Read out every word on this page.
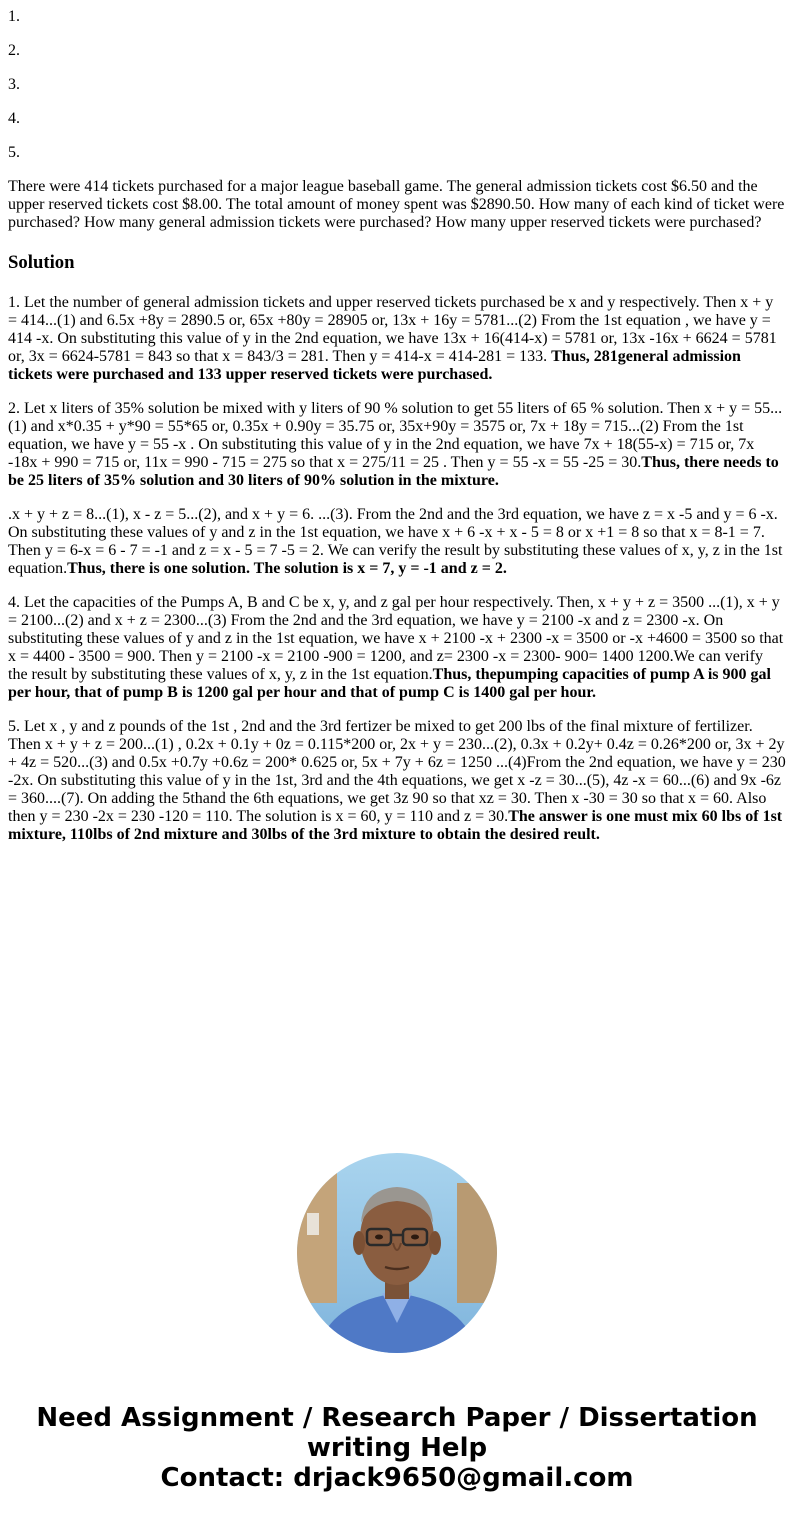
1.
2.
3.
4.
5.

There were 414 tickets purchased for a major league baseball game. The general admission tickets cost $6.50 and the upper reserved tickets cost $8.00. The total amount of money spent was $2890.50. How many of each kind of ticket were purchased? How many general admission tickets were purchased? How many upper reserved tickets were purchased?

Solution

1. Let the number of general admission tickets and upper reserved tickets purchased be x and y respectively. Then x + y = 414...(1) and 6.5x +8y = 2890.5 or, 65x +80y = 28905 or, 13x + 16y = 5781...(2) From the 1st equation , we have y = 414 -x. On substituting this value of y in the 2nd equation, we have 13x + 16(414-x) = 5781 or, 13x -16x + 6624 = 5781 or, 3x = 6624-5781 = 843 so that x = 843/3 = 281. Then y = 414-x = 414-281 = 133. Thus, 281general admission tickets were purchased and 133 upper reserved tickets were purchased.

2. Let x liters of 35% solution be mixed with y liters of 90 % solution to get 55 liters of 65 % solution. Then x + y = 55...(1) and x*0.35 + y*90 = 55*65 or, 0.35x + 0.90y = 35.75 or, 35x+90y = 3575 or, 7x + 18y = 715...(2) From the 1st equation, we have y = 55 -x . On substituting this value of y in the 2nd equation, we have 7x + 18(55-x) = 715 or, 7x -18x + 990 = 715 or, 11x = 990 - 715 = 275 so that x = 275/11 = 25 . Then y = 55 -x = 55 -25 = 30.Thus, there needs to be 25 liters of 35% solution and 30 liters of 90% solution in the mixture.

.x + y + z = 8...(1), x - z = 5...(2), and x + y = 6. ...(3). From the 2nd and the 3rd equation, we have z = x -5 and y = 6 -x. On substituting these values of y and z in the 1st equation, we have x + 6 -x + x - 5 = 8 or x +1 = 8 so that x = 8-1 = 7. Then y = 6-x = 6 - 7 = -1 and z = x - 5 = 7 -5 = 2. We can verify the result by substituting these values of x, y, z in the 1st equation.Thus, there is one solution. The solution is x = 7, y = -1 and z = 2.

4. Let the capacities of the Pumps A, B and C be x, y, and z gal per hour respectively. Then, x + y + z = 3500 ...(1), x + y = 2100...(2) and x + z = 2300...(3) From the 2nd and the 3rd equation, we have y = 2100 -x and z = 2300 -x. On substituting these values of y and z in the 1st equation, we have x + 2100 -x + 2300 -x = 3500 or -x +4600 = 3500 so that x = 4400 - 3500 = 900. Then y = 2100 -x = 2100 -900 = 1200, and z= 2300 -x = 2300- 900= 1400 1200.We can verify the result by substituting these values of x, y, z in the 1st equation.Thus, thepumping capacities of pump A is 900 gal per hour, that of pump B is 1200 gal per hour and that of pump C is 1400 gal per hour.

5. Let x , y and z pounds of the 1st , 2nd and the 3rd fertizer be mixed to get 200 lbs of the final mixture of fertilizer. Then x + y + z = 200...(1) , 0.2x + 0.1y + 0z = 0.115*200 or, 2x + y = 230...(2), 0.3x + 0.2y+ 0.4z = 0.26*200 or, 3x + 2y + 4z = 520...(3) and 0.5x +0.7y +0.6z = 200* 0.625 or, 5x + 7y + 6z = 1250 ...(4)From the 2nd equation, we have y = 230 -2x. On substituting this value of y in the 1st, 3rd and the 4th equations, we get x -z = 30...(5), 4z -x = 60...(6) and 9x -6z = 360....(7). On adding the 5thand the 6th equations, we get 3z 90 so that xz = 30. Then x -30 = 30 so that x = 60. Also then y = 230 -2x = 230 -120 = 110. The solution is x = 60, y = 110 and z = 30.The answer is one must mix 60 lbs of 1st mixture, 110lbs of 2nd mixture and 30lbs of the 3rd mixture to obtain the desired reult.

Need Assignment / Research Paper / Dissertation
writing Help
Contact: drjack9650@gmail.com
